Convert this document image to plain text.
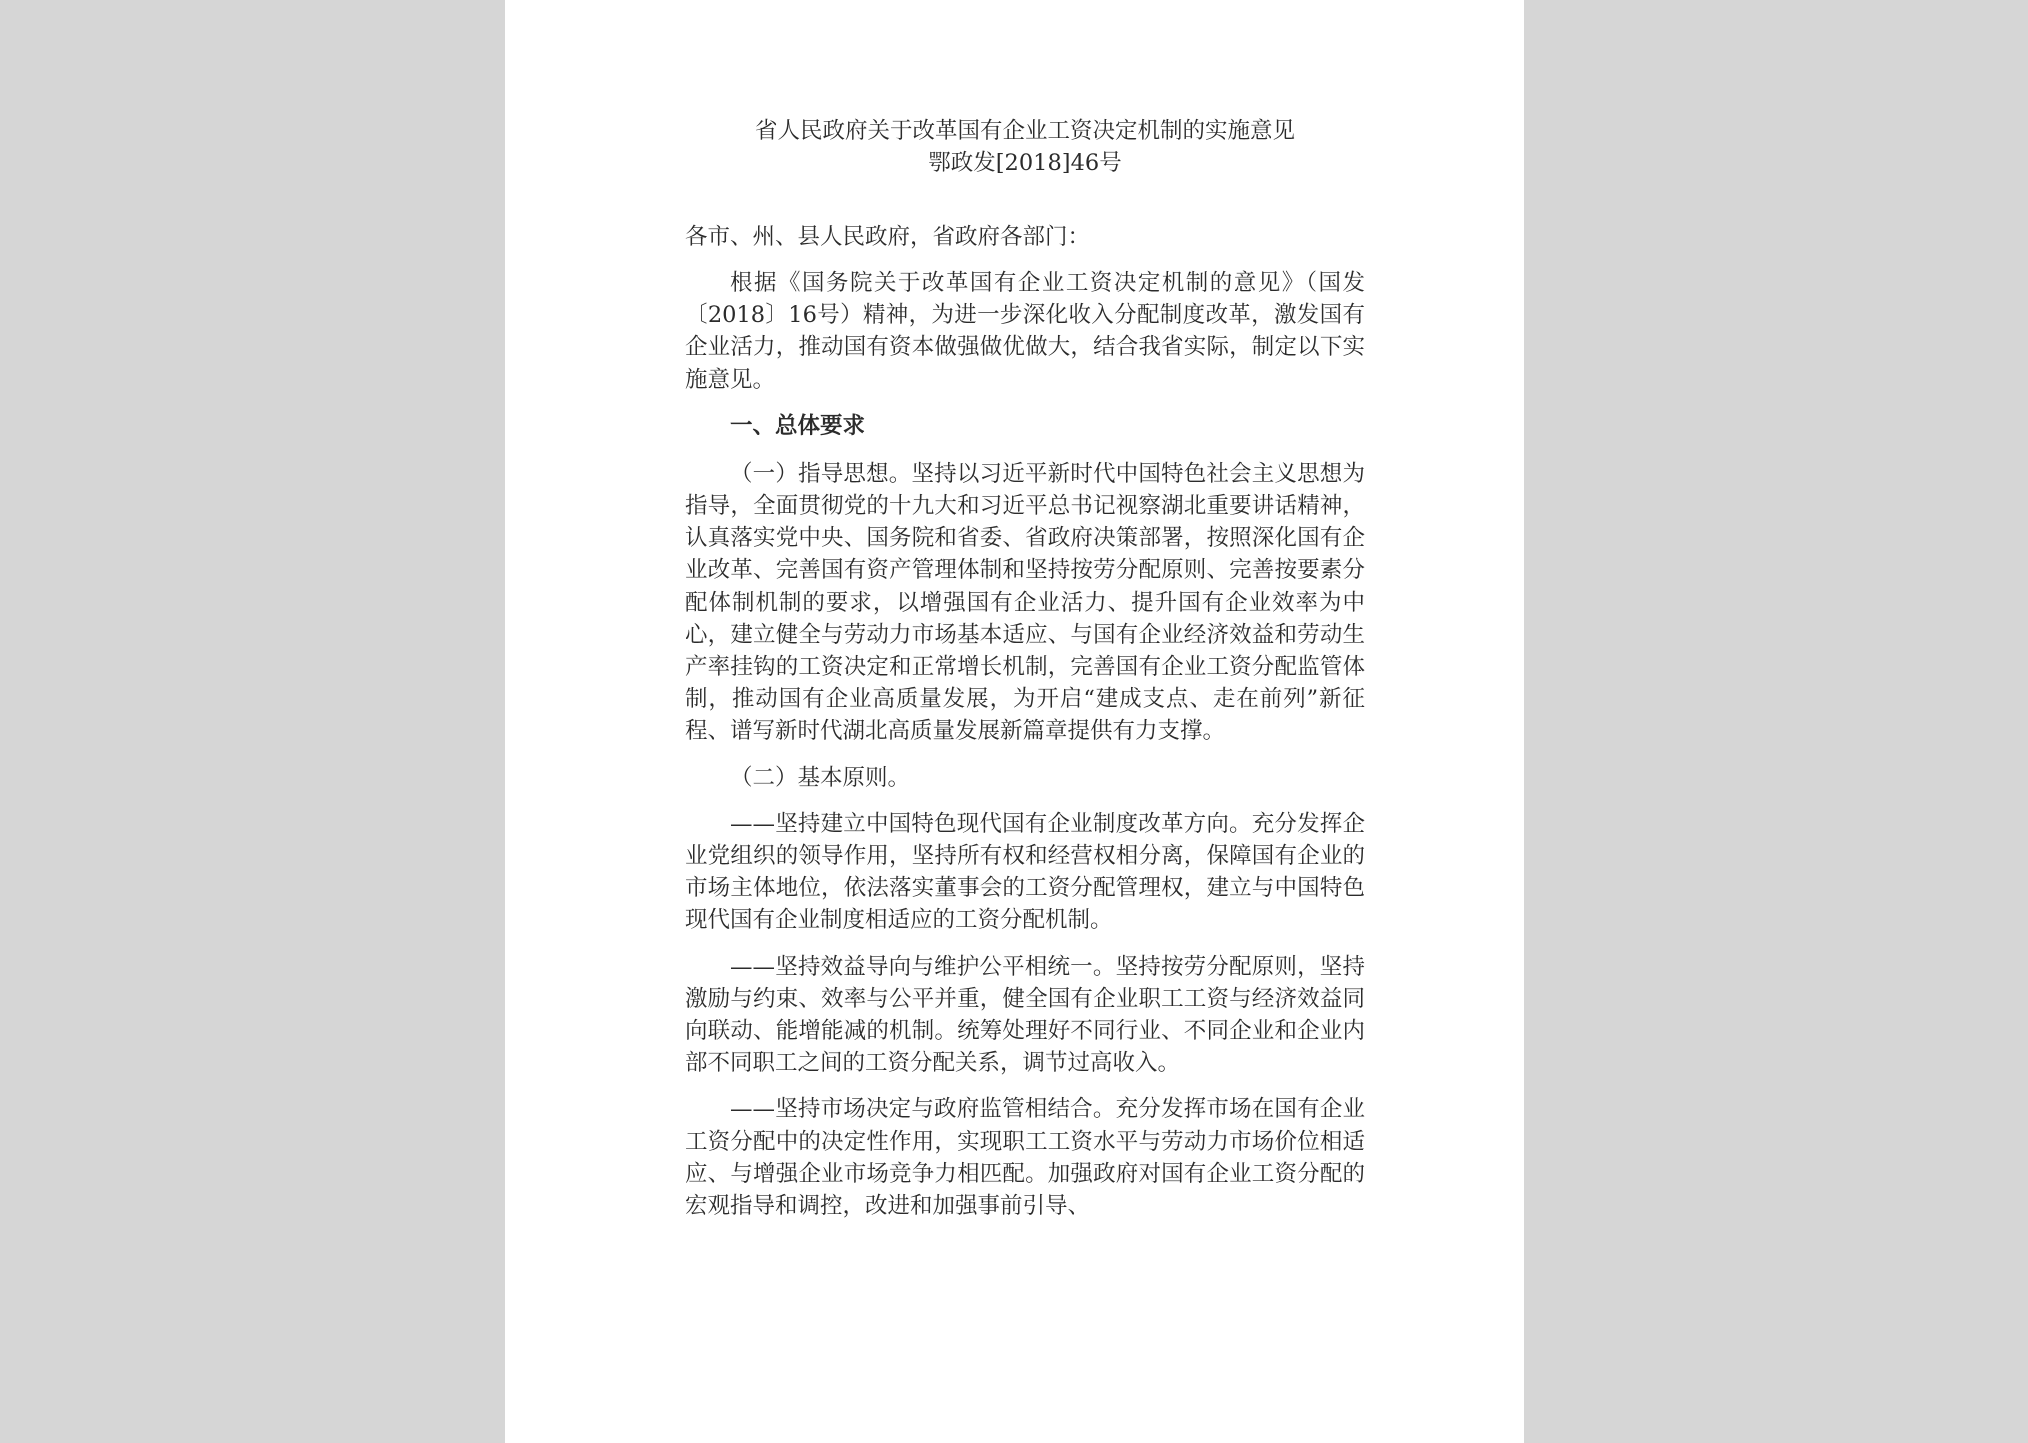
省人民政府关于改革国有企业工资决定机制的实施意见

鄂政发[2018]46号

各市、州、县人民政府，省政府各部门：

根据《国务院关于改革国有企业工资决定机制的意见》（国发〔2018〕16号）精神，为进一步深化收入分配制度改革，激发国有企业活力，推动国有资本做强做优做大，结合我省实际，制定以下实施意见。

一、总体要求

（一）指导思想。坚持以习近平新时代中国特色社会主义思想为指导，全面贯彻党的十九大和习近平总书记视察湖北重要讲话精神，认真落实党中央、国务院和省委、省政府决策部署，按照深化国有企业改革、完善国有资产管理体制和坚持按劳分配原则、完善按要素分配体制机制的要求，以增强国有企业活力、提升国有企业效率为中心，建立健全与劳动力市场基本适应、与国有企业经济效益和劳动生产率挂钩的工资决定和正常增长机制，完善国有企业工资分配监管体制，推动国有企业高质量发展，为开启“建成支点、走在前列”新征程、谱写新时代湖北高质量发展新篇章提供有力支撑。

（二）基本原则。

——坚持建立中国特色现代国有企业制度改革方向。充分发挥企业党组织的领导作用，坚持所有权和经营权相分离，保障国有企业的市场主体地位，依法落实董事会的工资分配管理权，建立与中国特色现代国有企业制度相适应的工资分配机制。

——坚持效益导向与维护公平相统一。坚持按劳分配原则，坚持激励与约束、效率与公平并重，健全国有企业职工工资与经济效益同向联动、能增能减的机制。统筹处理好不同行业、不同企业和企业内部不同职工之间的工资分配关系，调节过高收入。

——坚持市场决定与政府监管相结合。充分发挥市场在国有企业工资分配中的决定性作用，实现职工工资水平与劳动力市场价位相适应、与增强企业市场竞争力相匹配。加强政府对国有企业工资分配的宏观指导和调控，改进和加强事前引导、
